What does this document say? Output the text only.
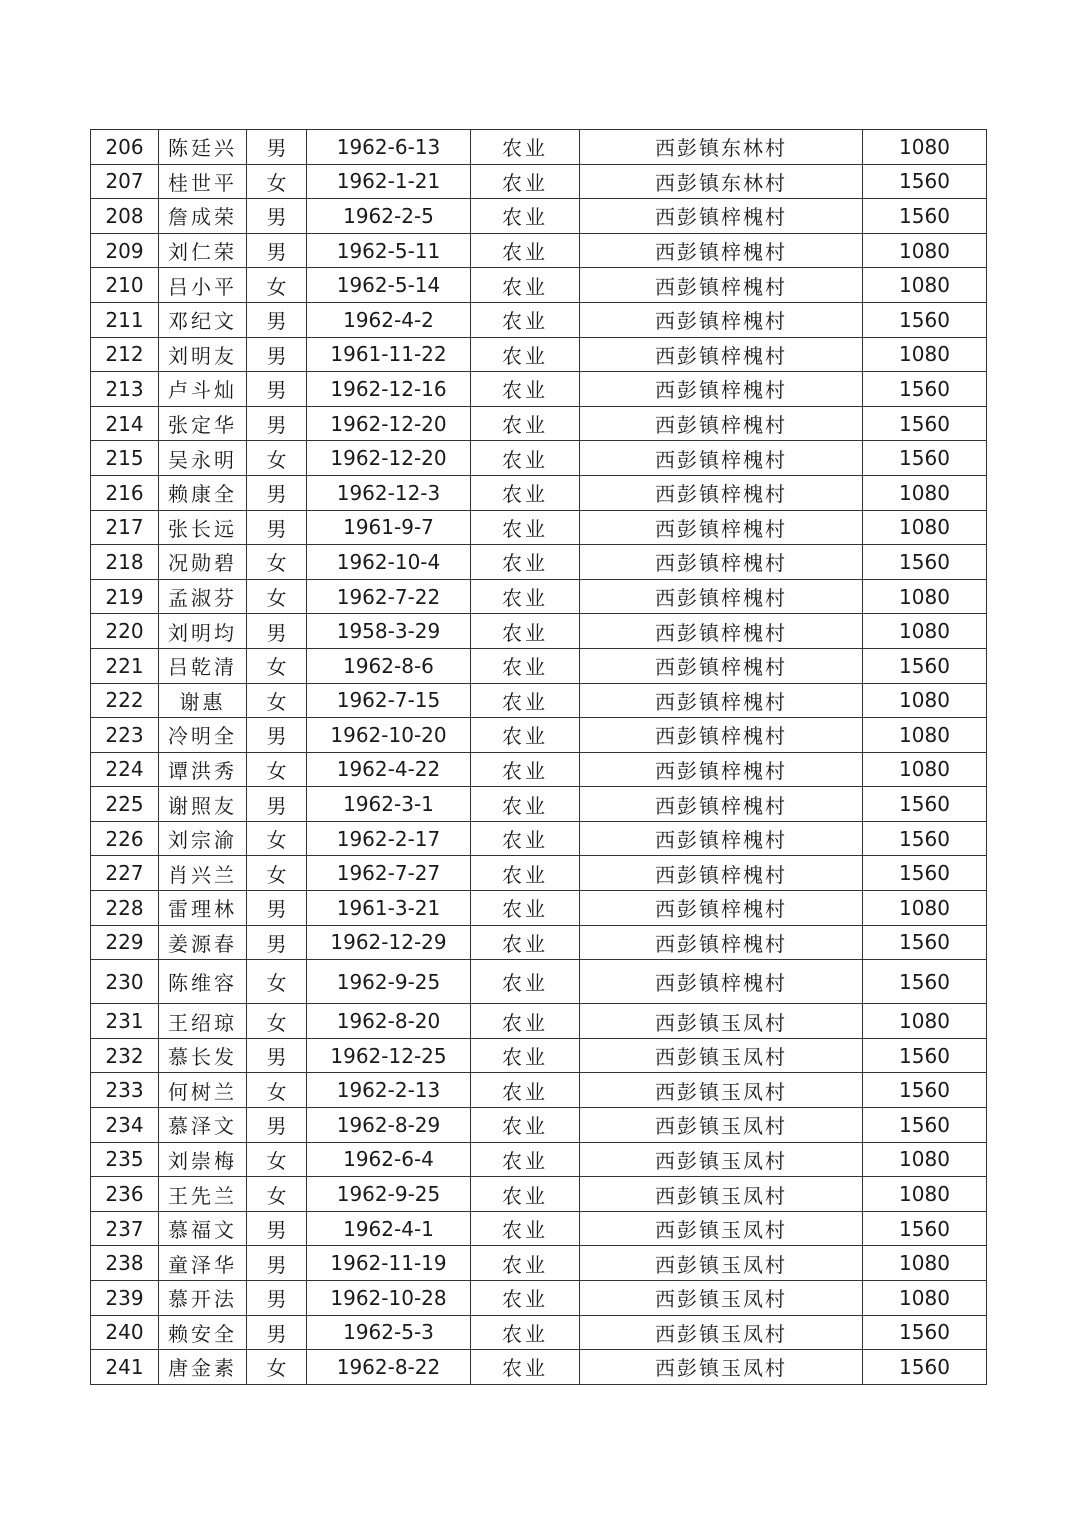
206	陈廷兴	男	1962-6-13	农业	西彭镇东林村	1080
207	桂世平	女	1962-1-21	农业	西彭镇东林村	1560
208	詹成荣	男	1962-2-5	农业	西彭镇梓槐村	1560
209	刘仁荣	男	1962-5-11	农业	西彭镇梓槐村	1080
210	吕小平	女	1962-5-14	农业	西彭镇梓槐村	1080
211	邓纪文	男	1962-4-2	农业	西彭镇梓槐村	1560
212	刘明友	男	1961-11-22	农业	西彭镇梓槐村	1080
213	卢斗灿	男	1962-12-16	农业	西彭镇梓槐村	1560
214	张定华	男	1962-12-20	农业	西彭镇梓槐村	1560
215	吴永明	女	1962-12-20	农业	西彭镇梓槐村	1560
216	赖康全	男	1962-12-3	农业	西彭镇梓槐村	1080
217	张长远	男	1961-9-7	农业	西彭镇梓槐村	1080
218	况勋碧	女	1962-10-4	农业	西彭镇梓槐村	1560
219	孟淑芬	女	1962-7-22	农业	西彭镇梓槐村	1080
220	刘明均	男	1958-3-29	农业	西彭镇梓槐村	1080
221	吕乾清	女	1962-8-6	农业	西彭镇梓槐村	1560
222	谢惠	女	1962-7-15	农业	西彭镇梓槐村	1080
223	冷明全	男	1962-10-20	农业	西彭镇梓槐村	1080
224	谭洪秀	女	1962-4-22	农业	西彭镇梓槐村	1080
225	谢照友	男	1962-3-1	农业	西彭镇梓槐村	1560
226	刘宗渝	女	1962-2-17	农业	西彭镇梓槐村	1560
227	肖兴兰	女	1962-7-27	农业	西彭镇梓槐村	1560
228	雷理林	男	1961-3-21	农业	西彭镇梓槐村	1080
229	姜源春	男	1962-12-29	农业	西彭镇梓槐村	1560
230	陈维容	女	1962-9-25	农业	西彭镇梓槐村	1560
231	王绍琼	女	1962-8-20	农业	西彭镇玉凤村	1080
232	慕长发	男	1962-12-25	农业	西彭镇玉凤村	1560
233	何树兰	女	1962-2-13	农业	西彭镇玉凤村	1560
234	慕泽文	男	1962-8-29	农业	西彭镇玉凤村	1560
235	刘崇梅	女	1962-6-4	农业	西彭镇玉凤村	1080
236	王先兰	女	1962-9-25	农业	西彭镇玉凤村	1080
237	慕福文	男	1962-4-1	农业	西彭镇玉凤村	1560
238	童泽华	男	1962-11-19	农业	西彭镇玉凤村	1080
239	慕开法	男	1962-10-28	农业	西彭镇玉凤村	1080
240	赖安全	男	1962-5-3	农业	西彭镇玉凤村	1560
241	唐金素	女	1962-8-22	农业	西彭镇玉凤村	1560
